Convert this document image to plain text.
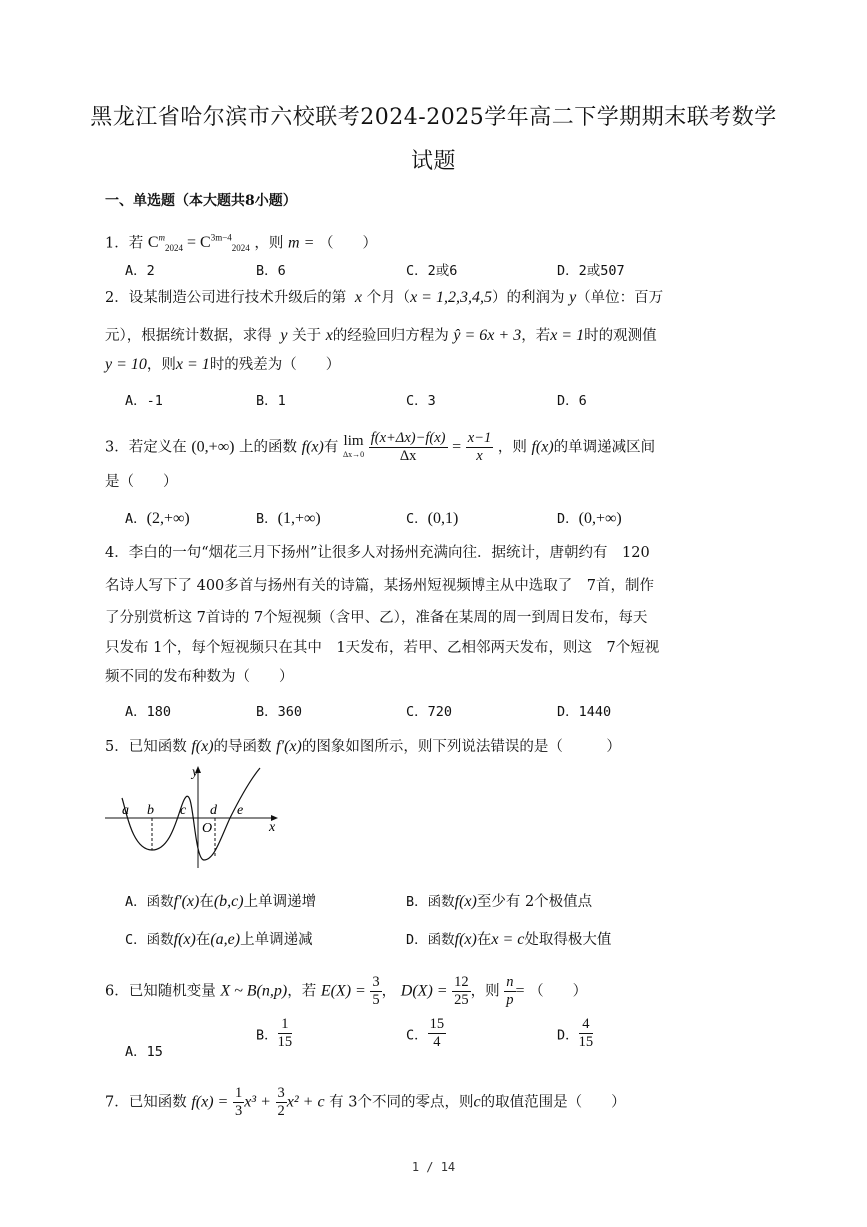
黑龙江省哈尔滨市六校联考2024-2025学年高二下学期期末联考数学
试题
一、单选题（本大题共8小题）
1．若 $C^m_{2024} = C^{3m-4}_{2024}$ ，则 m = （　　）
A．2	B．6	C．2或6	D．2或507
2．设某制造公司进行技术升级后的第  x 个月（x = 1,2,3,4,5）的利润为 y（单位：百万
元），根据统计数据，求得  y 关于 x的经验回归方程为 ŷ = 6x + 3，若x = 1时的观测值
y = 10，则x = 1时的残差为（　　）
A．-1	B．1	C．3	D．6
3．若定义在 (0,+∞) 上的函数 f(x)有 lim
Δx→0
$\frac{f(x+\Delta x)-f(x)}{\Delta x} = \frac{x-1}{x}$ ，则 f(x)的单调递减区间
是（　　）
A．(2,+∞)	B．(1,+∞)	C．(0,1)	D．(0,+∞)
4．李白的一句“烟花三月下扬州”让很多人对扬州充满向往．据统计，唐朝约有　120
名诗人写下了 400多首与扬州有关的诗篇，某扬州短视频博主从中选取了　7首，制作
了分别赏析这 7首诗的 7个短视频（含甲、乙），准备在某周的周一到周日发布，每天
只发布 1个，每个短视频只在其中　1天发布，若甲、乙相邻两天发布，则这　7个短视
频不同的发布种数为（　　）
A．180	B．360	C．720	D．1440
5．已知函数 f(x)的导函数 f′(x)的图象如图所示，则下列说法错误的是（　　　）
y
x
a b c d e
O
A．函数f′(x)在(b,c)上单调递增	B．函数f(x)至少有 2个极值点
C．函数f(x)在(a,e)上单调递减	D．函数f(x)在x = c处取得极大值
6．已知随机变量 X ~ B(n,p)，若 $E(X) = \frac{3}{5}$ ， $D(X) = \frac{12}{25}$ ，则 $\frac{n}{p}$ = （　　）
A．15
B． $\frac{1}{15}$	C． $\frac{15}{4}$	D． $\frac{4}{15}$
7．已知函数 $f(x) = \frac{1}{3} x^3 + \frac{3}{2} x^2 + c$ 有 3个不同的零点，则c的取值范围是（　　）
1 / 14
